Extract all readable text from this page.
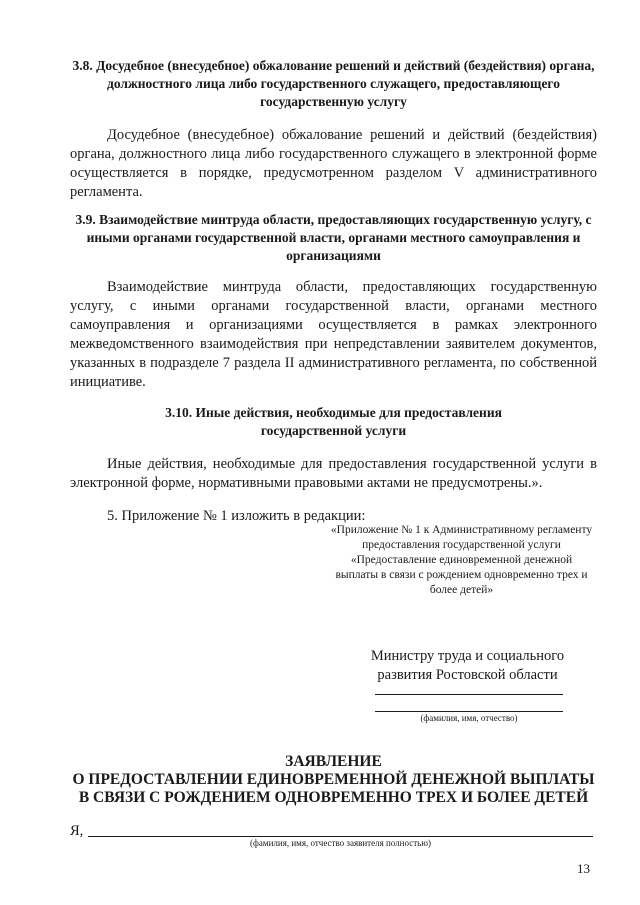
3.8. Досудебное (внесудебное) обжалование решений и действий (бездействия) органа, должностного лица либо государственного служащего, предоставляющего государственную услугу

Досудебное (внесудебное) обжалование решений и действий (бездействия) органа, должностного лица либо государственного служащего в электронной форме осуществляется в порядке, предусмотренном разделом V административного регламента.

3.9. Взаимодействие минтруда области, предоставляющих государственную услугу, с иными органами государственной власти, органами местного самоуправления и организациями

Взаимодействие минтруда области, предоставляющих государственную услугу, с иными органами государственной власти, органами местного самоуправления и организациями осуществляется в рамках электронного межведомственного взаимодействия при непредставлении заявителем документов, указанных в подразделе 7 раздела II административного регламента, по собственной инициативе.

3.10. Иные действия, необходимые для предоставления государственной услуги

Иные действия, необходимые для предоставления государственной услуги в электронной форме, нормативными правовыми актами не предусмотрены.».

5. Приложение № 1 изложить в редакции:

«Приложение № 1 к Административному регламенту предоставления государственной услуги «Предоставление единовременной денежной выплаты в связи с рождением одновременно трех и более детей»

Министру труда и социального развития Ростовской области

(фамилия, имя, отчество)

ЗАЯВЛЕНИЕ

О ПРЕДОСТАВЛЕНИИ ЕДИНОВРЕМЕННОЙ ДЕНЕЖНОЙ ВЫПЛАТЫ

В СВЯЗИ С РОЖДЕНИЕМ ОДНОВРЕМЕННО ТРЕХ И БОЛЕЕ ДЕТЕЙ

Я,

(фамилия, имя, отчество заявителя полностью)

13
